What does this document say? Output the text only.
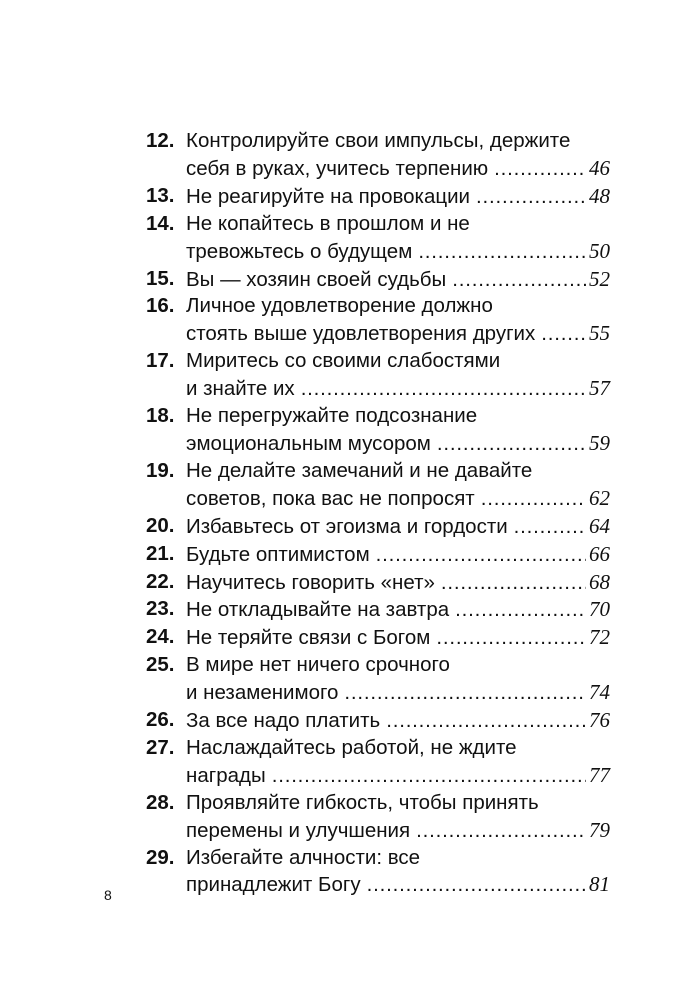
12. Контролируйте свои импульсы, держите
себя в руках, учитесь терпению .....	46
13. Не реагируйте на провокации .....	48
14. Не копайтесь в прошлом и не
тревожьтесь о будущем .....	50
15. Вы — хозяин своей судьбы .....	52
16. Личное удовлетворение должно
стоять выше удовлетворения других .....	55
17. Миритесь со своими слабостями
и знайте их .....	57
18. Не перегружайте подсознание
эмоциональным мусором .....	59
19. Не делайте замечаний и не давайте
советов, пока вас не попросят .....	62
20. Избавьтесь от эгоизма и гордости .....	64
21. Будьте оптимистом .....	66
22. Научитесь говорить «нет» .....	68
23. Не откладывайте на завтра .....	70
24. Не теряйте связи с Богом .....	72
25. В мире нет ничего срочного
и незаменимого .....	74
26. За все надо платить .....	76
27. Наслаждайтесь работой, не ждите
награды .....	77
28. Проявляйте гибкость, чтобы принять
перемены и улучшения .....	79
29. Избегайте алчности: все
принадлежит Богу .....	81
8
